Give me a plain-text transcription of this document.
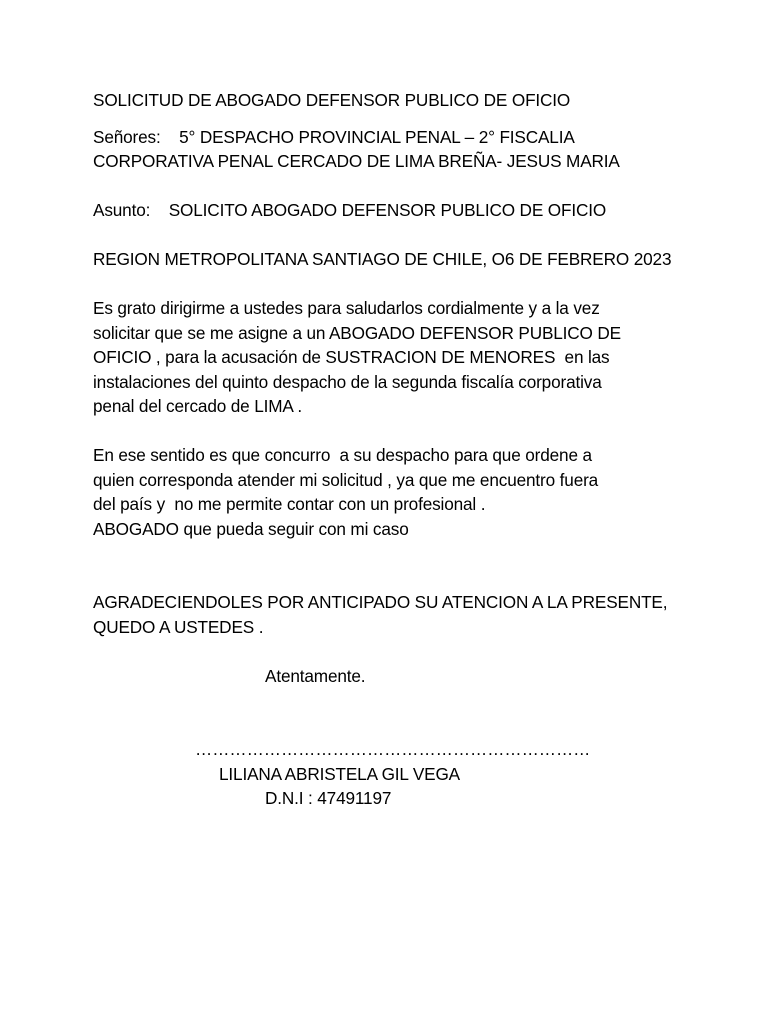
SOLICITUD DE ABOGADO DEFENSOR PUBLICO DE OFICIO
Señores:    5° DESPACHO PROVINCIAL PENAL – 2° FISCALIA
CORPORATIVA PENAL CERCADO DE LIMA BREÑA- JESUS MARIA
Asunto:    SOLICITO ABOGADO DEFENSOR PUBLICO DE OFICIO
REGION METROPOLITANA SANTIAGO DE CHILE, O6 DE FEBRERO 2023
Es grato dirigirme a ustedes para saludarlos cordialmente y a la vez
solicitar que se me asigne a un ABOGADO DEFENSOR PUBLICO DE
OFICIO , para la acusación de SUSTRACION DE MENORES  en las
instalaciones del quinto despacho de la segunda fiscalía corporativa
penal del cercado de LIMA .
En ese sentido es que concurro  a su despacho para que ordene a
quien corresponda atender mi solicitud , ya que me encuentro fuera
del país y  no me permite contar con un profesional .
ABOGADO que pueda seguir con mi caso
AGRADECIENDOLES POR ANTICIPADO SU ATENCION A LA PRESENTE,
QUEDO A USTEDES .
Atentamente.
……………………………………………………………
LILIANA ABRISTELA GIL VEGA
D.N.I : 47491197
